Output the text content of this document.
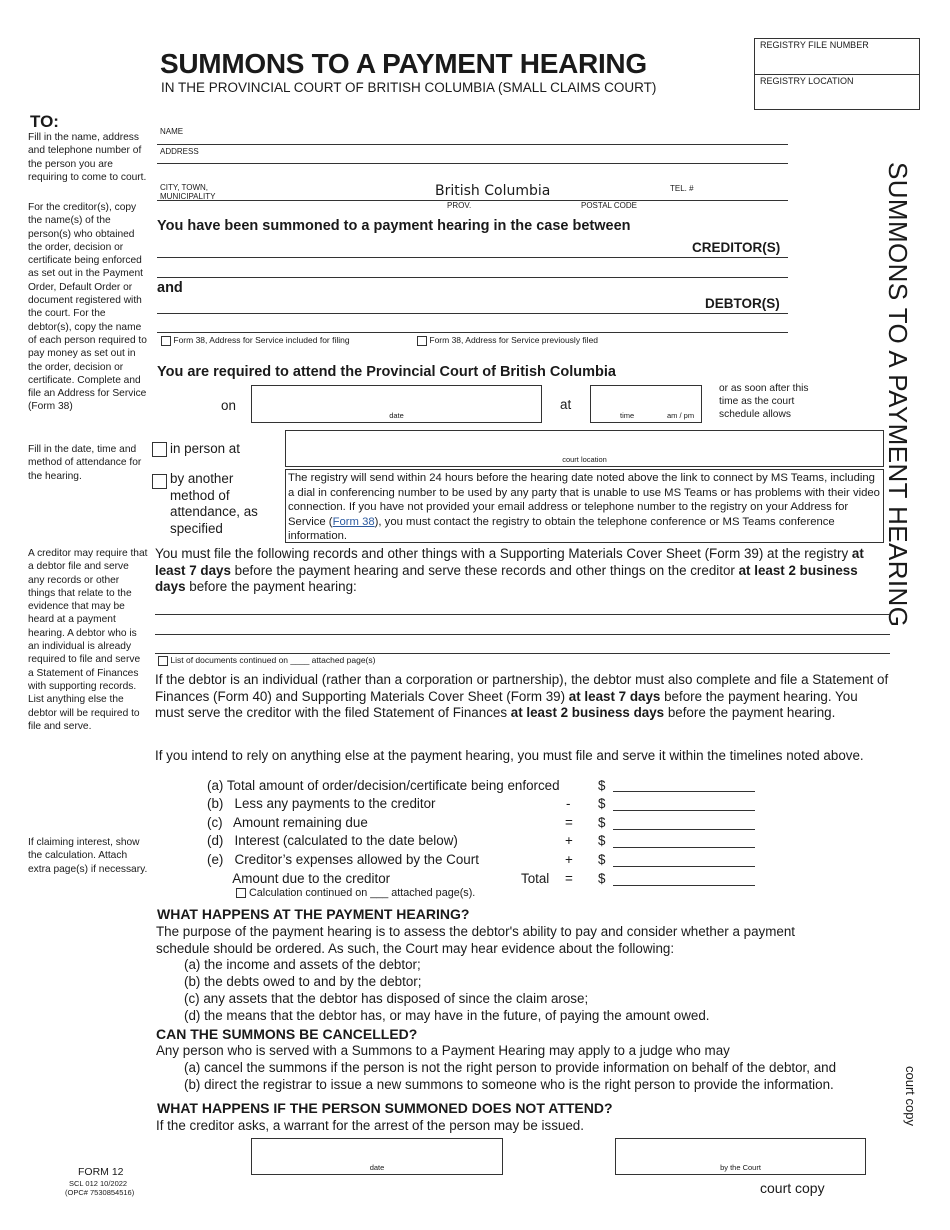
SUMMONS TO A PAYMENT HEARING
IN THE PROVINCIAL COURT OF BRITISH COLUMBIA (SMALL CLAIMS COURT)
REGISTRY FILE NUMBER
REGISTRY LOCATION
SUMMONS TO A PAYMENT HEARING
court copy
TO:
Fill in the name, address and telephone number of the person you are requiring to come to court.
For the creditor(s), copy the name(s) of the person(s) who obtained the order, decision or certificate being enforced as set out in the Payment Order, Default Order or document registered with the court. For the debtor(s), copy the name of each person required to pay money as set out in the order, decision or certificate. Complete and file an Address for Service (Form 38)
Fill in the date, time and method of attendance for the hearing.
A creditor may require that a debtor file and serve any records or other things that relate to the evidence that may be heard at a payment hearing. A debtor who is an individual is already required to file and serve a Statement of Finances with supporting records. List anything else the debtor will be required to file and serve.
If claiming interest, show the calculation. Attach extra page(s) if necessary.
NAME
ADDRESS
CITY, TOWN, MUNICIPALITY	British Columbia	TEL. #
PROV.	POSTAL CODE
You have been summoned to a payment hearing in the case between
CREDITOR(S)
and
DEBTOR(S)
Form 38, Address for Service included for filing	Form 38, Address for Service previously filed
You are required to attend the Provincial Court of British Columbia
on
date
at
time	am / pm
or as soon after this time as the court schedule allows
in person at
court location
by another method of attendance, as specified
The registry will send within 24 hours before the hearing date noted above the link to connect by MS Teams, including a dial in conferencing number to be used by any party that is unable to use MS Teams or has problems with their video connection. If you have not provided your email address or telephone number to the registry on your Address for Service (Form 38), you must contact the registry to obtain the telephone conference or MS Teams conference information.
You must file the following records and other things with a Supporting Materials Cover Sheet (Form 39) at the registry at least 7 days before the payment hearing and serve these records and other things on the creditor at least 2 business days before the payment hearing:
List of documents continued on ____ attached page(s)
If the debtor is an individual (rather than a corporation or partnership), the debtor must also complete and file a Statement of Finances (Form 40) and Supporting Materials Cover Sheet (Form 39) at least 7 days before the payment hearing. You must serve the creditor with the filed Statement of Finances at least 2 business days before the payment hearing.
If you intend to rely on anything else at the payment hearing, you must file and serve it within the timelines noted above.
(a) Total amount of order/decision/certificate being enforced	$
(b)   Less any payments to the creditor	- $
(c)   Amount remaining due	= $
(d)   Interest (calculated to the date below)	+ $
(e)   Creditor’s expenses allowed by the Court	+ $
Amount due to the creditor	Total = $
Calculation continued on ___ attached page(s).
WHAT HAPPENS AT THE PAYMENT HEARING?
The purpose of the payment hearing is to assess the debtor's ability to pay and consider whether a payment schedule should be ordered. As such, the Court may hear evidence about the following:
(a) the income and assets of the debtor;
(b) the debts owed to and by the debtor;
(c) any assets that the debtor has disposed of since the claim arose;
(d) the means that the debtor has, or may have in the future, of paying the amount owed.
CAN THE SUMMONS BE CANCELLED?
Any person who is served with a Summons to a Payment Hearing may apply to a judge who may
(a) cancel the summons if the person is not the right person to provide information on behalf of the debtor, and
(b) direct the registrar to issue a new summons to someone who is the right person to provide the information.
WHAT HAPPENS IF THE PERSON SUMMONED DOES NOT ATTEND?
If the creditor asks, a warrant for the arrest of the person may be issued.
date	by the Court
FORM 12
SCL 012 10/2022
(OPC# 7530854516)	court copy
